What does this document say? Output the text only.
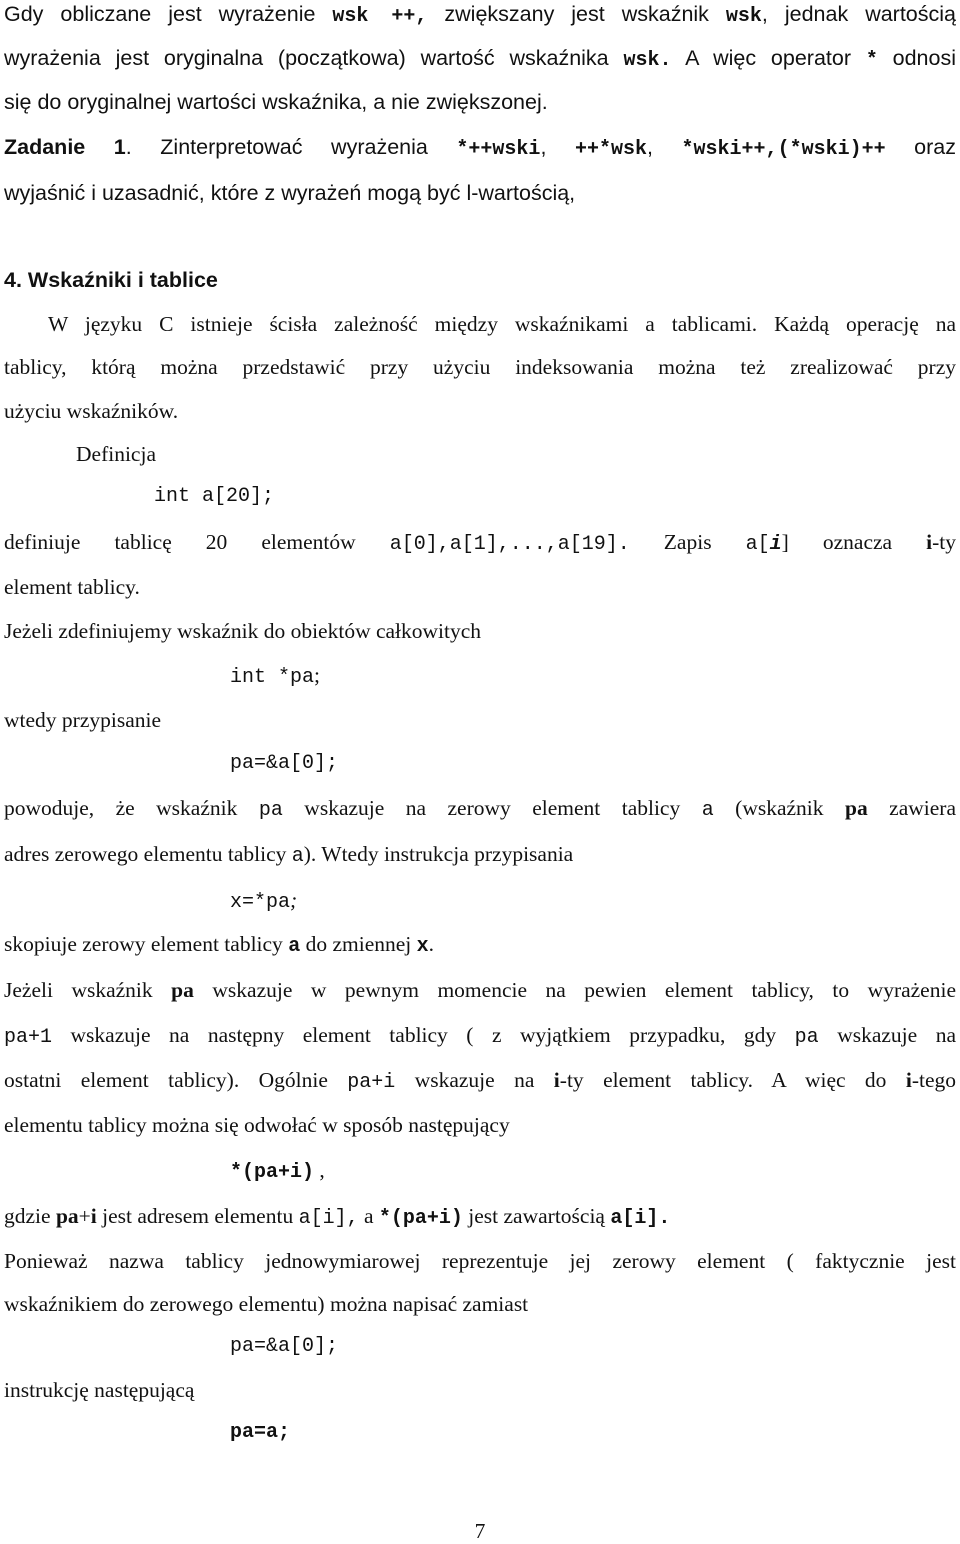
Gdy obliczane jest wyrażenie wsk ++, zwiększany jest wskaźnik wsk, jednak wartością
wyrażenia jest oryginalna (początkowa) wartość wskaźnika wsk. A więc operator * odnosi
się do oryginalnej wartości wskaźnika, a nie zwiększonej.
Zadanie 1. Zinterpretować wyrażenia *++wski, ++*wsk, *wski++,(*wski)++ oraz
wyjaśnić i uzasadnić, które z wyrażeń mogą być l-wartością,
4. Wskaźniki i tablice
W języku C istnieje ścisła zależność między wskaźnikami a tablicami. Każdą operację na
tablicy, którą można przedstawić przy użyciu indeksowania można też zrealizować przy
użyciu wskaźników.
Definicja
int a[20];
definiuje tablicę 20 elementów a[0],a[1],...,a[19]. Zapis a[i] oznacza i-ty
element tablicy.
Jeżeli zdefiniujemy wskaźnik do obiektów całkowitych
int *pa;
wtedy przypisanie
pa=&a[0];
powoduje, że wskaźnik pa wskazuje na zerowy element tablicy a (wskaźnik pa zawiera
adres zerowego elementu tablicy a). Wtedy instrukcja przypisania
x=*pa;
skopiuje zerowy element tablicy a do zmiennej x.
Jeżeli wskaźnik pa wskazuje w pewnym momencie na pewien element tablicy, to wyrażenie
pa+1 wskazuje na następny element tablicy ( z wyjątkiem przypadku, gdy pa wskazuje na
ostatni element tablicy). Ogólnie pa+i wskazuje na i-ty element tablicy. A więc do i-tego
elementu tablicy można się odwołać w sposób następujący
*(pa+i) ,
gdzie pa+i jest adresem elementu a[i], a *(pa+i) jest zawartością a[i].
Ponieważ nazwa tablicy jednowymiarowej reprezentuje jej zerowy element ( faktycznie jest
wskaźnikiem do zerowego elementu) można napisać zamiast
pa=&a[0];
instrukcję następującą
pa=a;
7
